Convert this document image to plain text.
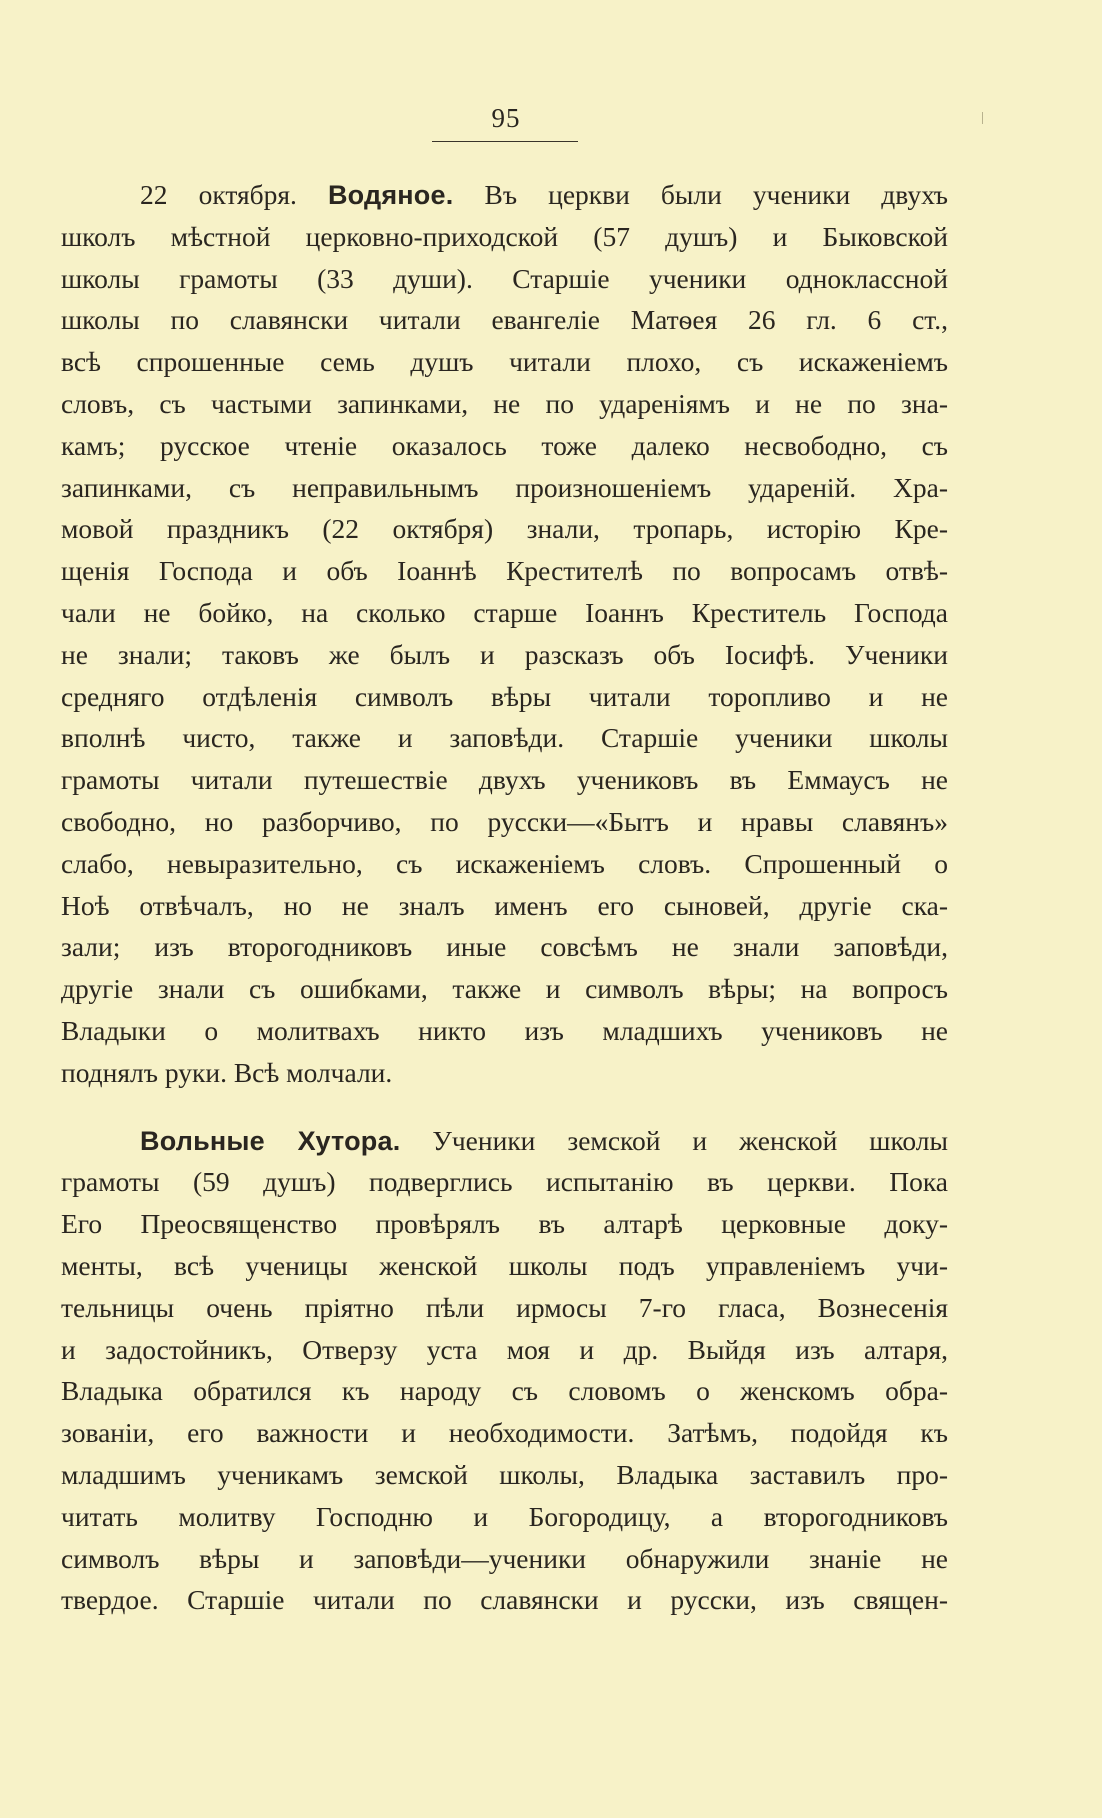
95
22 октября. Водяное. Въ церкви были ученики двухъ
школъ мѣстной церковно-приходской (57 душъ) и Быковской
школы грамоты (33 души). Старшіе ученики одноклассной
школы по славянски читали евангеліе Матѳея 26 гл. 6 ст.,
всѣ спрошенные семь душъ читали плохо, съ искаженіемъ
словъ, съ частыми запинками, не по удареніямъ и не по зна-
камъ; русское чтеніе оказалось тоже далеко несвободно, съ
запинками, съ неправильнымъ произношеніемъ ударенiй. Хра-
мовой праздникъ (22 октября) знали, тропарь, исторію Кре-
щенія Господа и объ Іоаннѣ Крестителѣ по вопросамъ отвѣ-
чали не бойко, на сколько старше Іоаннъ Креститель Господа
не знали; таковъ же былъ и разсказъ объ Іосифѣ. Ученики
средняго отдѣленія символъ вѣры читали торопливо и не
вполнѣ чисто, также и заповѣди. Старшіе ученики школы
грамоты читали путешествіе двухъ учениковъ въ Еммаусъ не
свободно, но разборчиво, по русски—«Бытъ и нравы славянъ»
слабо, невыразительно, съ искаженіемъ словъ. Спрошенный о
Ноѣ отвѣчалъ, но не зналъ именъ его сыновей, другіе ска-
зали; изъ второгодниковъ иные совсѣмъ не знали заповѣди,
другіе знали съ ошибками, также и символъ вѣры; на вопросъ
Владыки о молитвахъ никто изъ младшихъ учениковъ не
поднялъ руки. Всѣ молчали.
Вольные Хутора. Ученики земской и женской школы
грамоты (59 душъ) подверглись испытанію въ церкви. Пока
Его Преосвященство провѣрялъ въ алтарѣ церковные доку-
менты, всѣ ученицы женской школы подъ управленіемъ учи-
тельницы очень пріятно пѣли ирмосы 7-го гласа, Вознесенія
и задостойникъ, Отверзу уста моя и др. Выйдя изъ алтаря,
Владыка обратился къ народу съ словомъ о женскомъ обра-
зованіи, его важности и необходимости. Затѣмъ, подойдя къ
младшимъ ученикамъ земской школы, Владыка заставилъ про-
читать молитву Господню и Богородицу, а второгодниковъ
символъ вѣры и заповѣди—ученики обнаружили знаніе не
твердое. Старшіе читали по славянски и русски, изъ священ-
